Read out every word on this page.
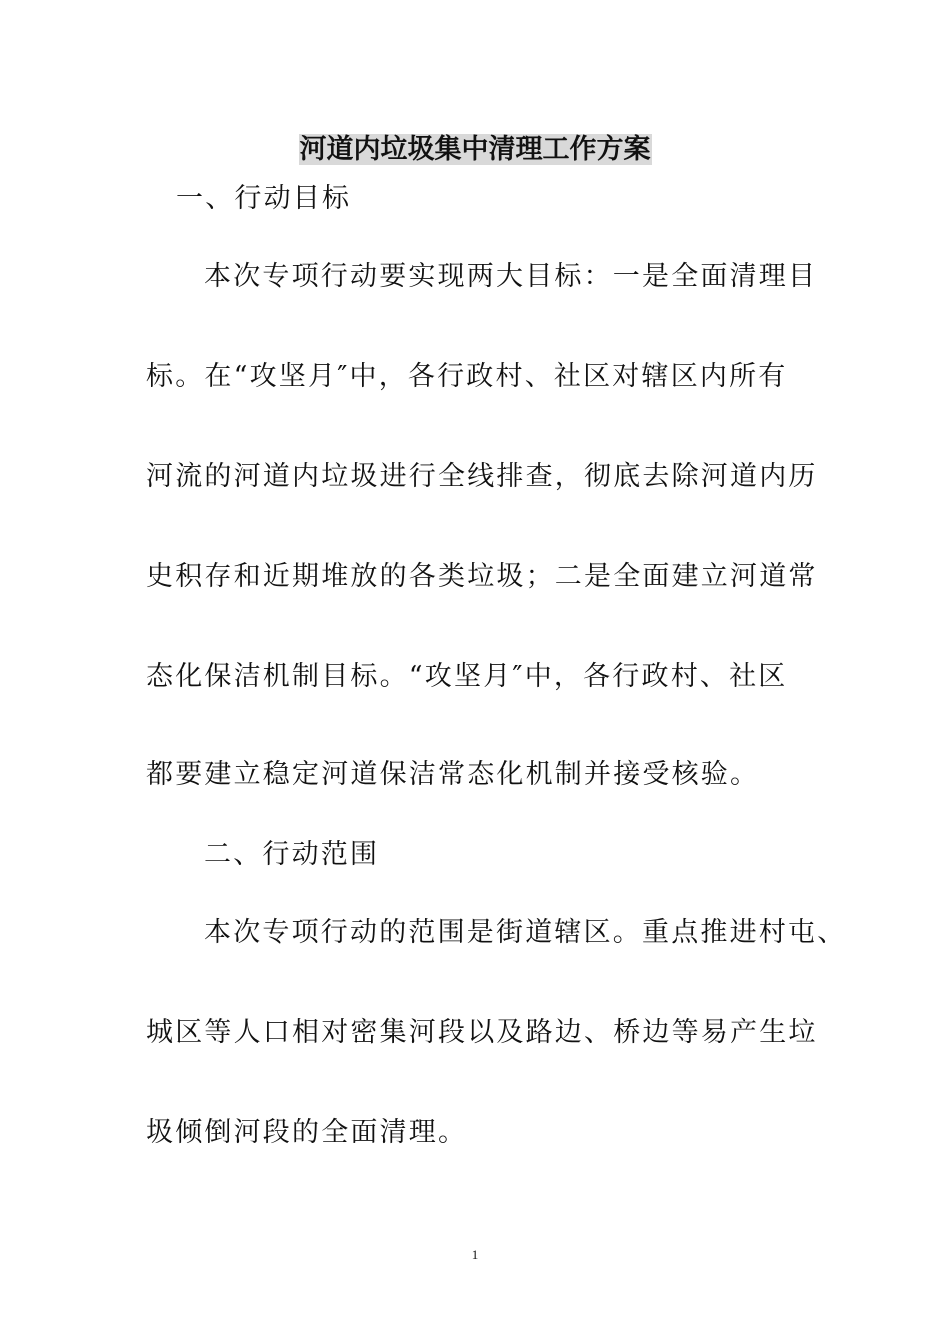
河道内垃圾集中清理工作方案
一、行动目标
本次专项行动要实现两大目标：一是全面清理目
标。在“攻坚月″中，各行政村、社区对辖区内所有
河流的河道内垃圾进行全线排查，彻底去除河道内历
史积存和近期堆放的各类垃圾；二是全面建立河道常
态化保洁机制目标。“攻坚月″中，各行政村、社区
都要建立稳定河道保洁常态化机制并接受核验。
二、行动范围
本次专项行动的范围是街道辖区。重点推进村屯、
城区等人口相对密集河段以及路边、桥边等易产生垃
圾倾倒河段的全面清理。
1
